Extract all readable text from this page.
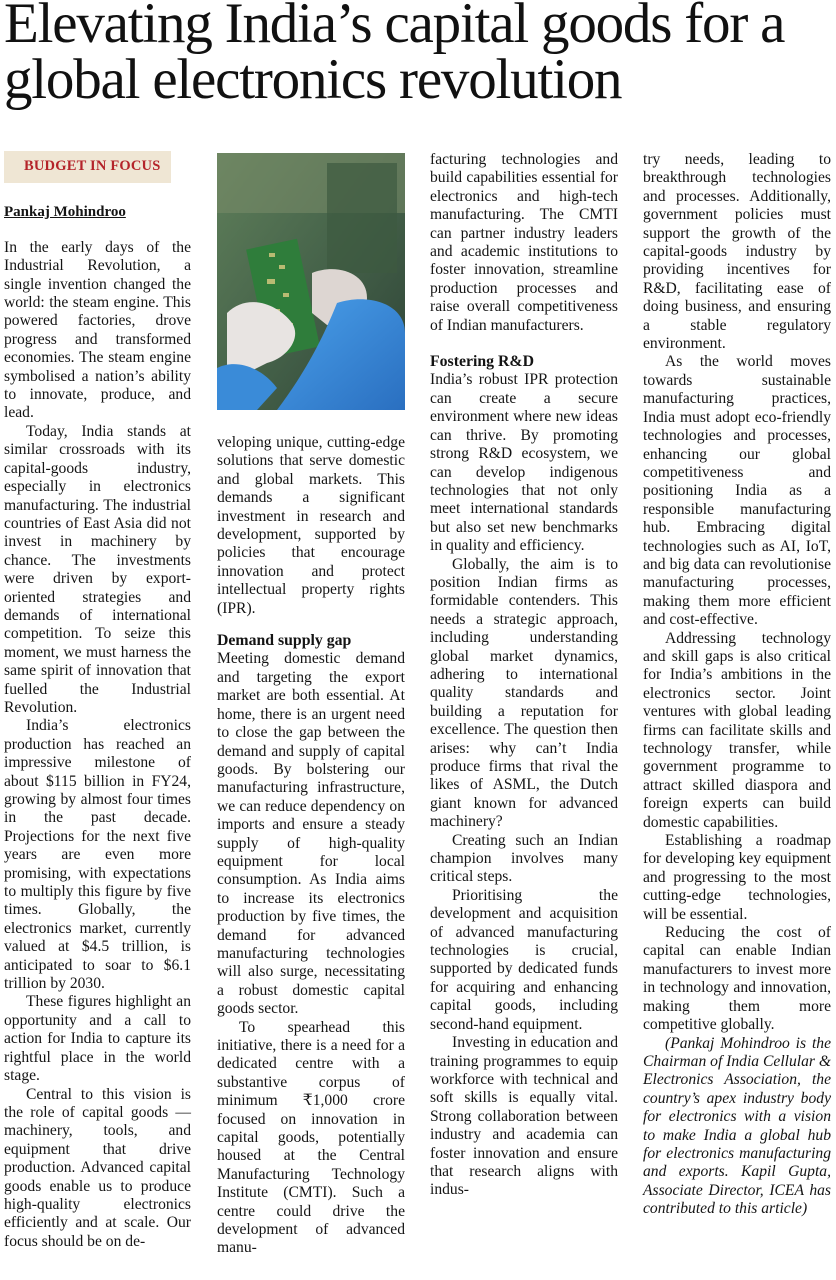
Elevating India’s capital goods for a global electronics revolution
BUDGET IN FOCUS
Pankaj Mohindroo

In the early days of the Industrial Revolution, a single invention changed the world: the steam engine. This powered factories, drove progress and transformed economies. The steam engine symbolised a nation’s ability to innovate, produce, and lead.

Today, India stands at similar crossroads with its capital-goods industry, especially in electronics manufacturing. The industrial countries of East Asia did not invest in machinery by chance. The investments were driven by export-oriented strategies and demands of international competition. To seize this moment, we must harness the same spirit of innovation that fuelled the Industrial Revolution.

India’s electronics production has reached an impressive milestone of about $115 billion in FY24, growing by almost four times in the past decade. Projections for the next five years are even more promising, with expectations to multiply this figure by five times. Globally, the electronics market, currently valued at $4.5 trillion, is anticipated to soar to $6.1 trillion by 2030.

These figures highlight an opportunity and a call to action for India to capture its rightful place in the world stage.

Central to this vision is the role of capital goods — machinery, tools, and equipment that drive production. Advanced capital goods enable us to produce high-quality electronics efficiently and at scale. Our focus should be on de-

veloping unique, cutting-edge solutions that serve domestic and global markets. This demands a significant investment in research and development, supported by policies that encourage innovation and protect intellectual property rights (IPR).

Demand supply gap

Meeting domestic demand and targeting the export market are both essential. At home, there is an urgent need to close the gap between the demand and supply of capital goods. By bolstering our manufacturing infrastructure, we can reduce dependency on imports and ensure a steady supply of high-quality equipment for local consumption. As India aims to increase its electronics production by five times, the demand for advanced manufacturing technologies will also surge, necessitating a robust domestic capital goods sector.

To spearhead this initiative, there is a need for a dedicated centre with a substantive corpus of minimum ₹1,000 crore focused on innovation in capital goods, potentially housed at the Central Manufacturing Technology Institute (CMTI). Such a centre could drive the development of advanced manu-

facturing technologies and build capabilities essential for electronics and high-tech manufacturing. The CMTI can partner industry leaders and academic institutions to foster innovation, streamline production processes and raise overall competitiveness of Indian manufacturers.

Fostering R&D

India’s robust IPR protection can create a secure environment where new ideas can thrive. By promoting strong R&D ecosystem, we can develop indigenous technologies that not only meet international standards but also set new benchmarks in quality and efficiency.

Globally, the aim is to position Indian firms as formidable contenders. This needs a strategic approach, including understanding global market dynamics, adhering to international quality standards and building a reputation for excellence. The question then arises: why can’t India produce firms that rival the likes of ASML, the Dutch giant known for advanced machinery?

Creating such an Indian champion involves many critical steps.

Prioritising the development and acquisition of advanced manufacturing technologies is crucial, supported by dedicated funds for acquiring and enhancing capital goods, including second-hand equipment.

Investing in education and training programmes to equip workforce with technical and soft skills is equally vital. Strong collaboration between industry and academia can foster innovation and ensure that research aligns with indus-

try needs, leading to breakthrough technologies and processes. Additionally, government policies must support the growth of the capital-goods industry by providing incentives for R&D, facilitating ease of doing business, and ensuring a stable regulatory environment.

As the world moves towards sustainable manufacturing practices, India must adopt eco-friendly technologies and processes, enhancing our global competitiveness and positioning India as a responsible manufacturing hub. Embracing digital technologies such as AI, IoT, and big data can revolutionise manufacturing processes, making them more efficient and cost-effective.

Addressing technology and skill gaps is also critical for India’s ambitions in the electronics sector. Joint ventures with global leading firms can facilitate skills and technology transfer, while government programme to attract skilled diaspora and foreign experts can build domestic capabilities.

Establishing a roadmap for developing key equipment and progressing to the most cutting-edge technologies, will be essential.

Reducing the cost of capital can enable Indian manufacturers to invest more in technology and innovation, making them more competitive globally.

(Pankaj Mohindroo is the Chairman of India Cellular & Electronics Association, the country’s apex industry body for electronics with a vision to make India a global hub for electronics manufacturing and exports. Kapil Gupta, Associate Director, ICEA has contributed to this article)
